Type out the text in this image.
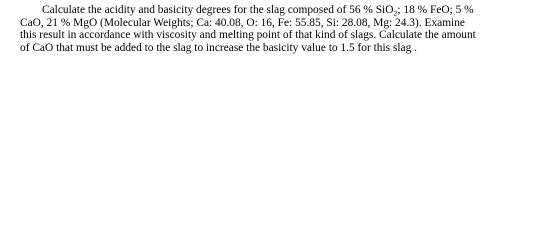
Calculate the acidity and basicity degrees for the slag composed of 56 % SiO₂; 18 % FeO; 5 %
CaO, 21 % MgO (Molecular Weights; Ca: 40.08, O: 16, Fe: 55.85, Si: 28.08, Mg: 24.3). Examine
this result in accordance with viscosity and melting point of that kind of slags. Calculate the amount
of CaO that must be added to the slag to increase the basicity value to 1.5 for this slag .
